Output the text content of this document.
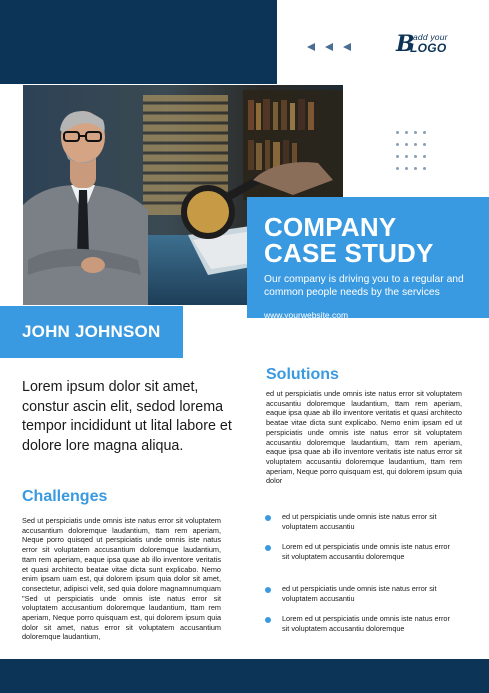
B
add your
LOGO
COMPANY
CASE STUDY
Our company is driving you to a regular and common people needs by the services
www.yourwebsite.com
JOHN JOHNSON
Lorem ipsum dolor sit amet, constur ascin elit, sedod lorema tempor incididunt ut lital labore et dolore lore magna aliqua.
Challenges
Sed ut perspiciatis unde omnis iste natus error sit voluptatem accusantium doloremque laudantium, ttam rem aperiam, Neque porro quisqed ut perspiciatis unde omnis iste natus error sit voluptatem accusantium doloremque laudantium, ttam rem aperiam, eaque ipsa quae ab illo inventore veritatis et quasi architecto beatae vitae dicta sunt explicabo. Nemo enim ipsam uam est, qui dolorem ipsum quia dolor sit amet, consectetur, adipisci velit, sed quia dolore magnamnumquam "Sed ut perspiciatis unde omnis iste natus error sit voluptatem accusantium doloremque laudantium, ttam rem aperiam, Neque porro quisquam est, qui dolorem ipsum quia dolor sit amet, natus error sit voluptatem accusantium doloremque laudantium,
Solutions
ed ut perspiciatis unde omnis iste natus error sit voluptatem accusantiu doloremque laudantium, ttam rem aperiam, eaque ipsa quae ab illo inventore veritatis et quasi architecto beatae vitae dicta sunt explicabo. Nemo enim ipsam ed ut perspiciatis unde omnis iste natus error sit voluptatem accusantiu doloremque laudantium, ttam rem aperiam, eaque ipsa quae ab illo inventore veritatis iste natus error sit voluptatem accusantiu doloremque laudantium, ttam rem aperiam, Neque porro quisquam est, qui dolorem ipsum quia dolor
ed ut perspiciatis unde omnis iste natus error sit voluptatem accusantiu
Lorem ed ut perspiciatis unde omnis iste natus error sit voluptatem accusantiu doloremque
ed ut perspiciatis unde omnis iste natus error sit voluptatem accusantiu
Lorem ed ut perspiciatis unde omnis iste natus error sit voluptatem accusantiu doloremque
